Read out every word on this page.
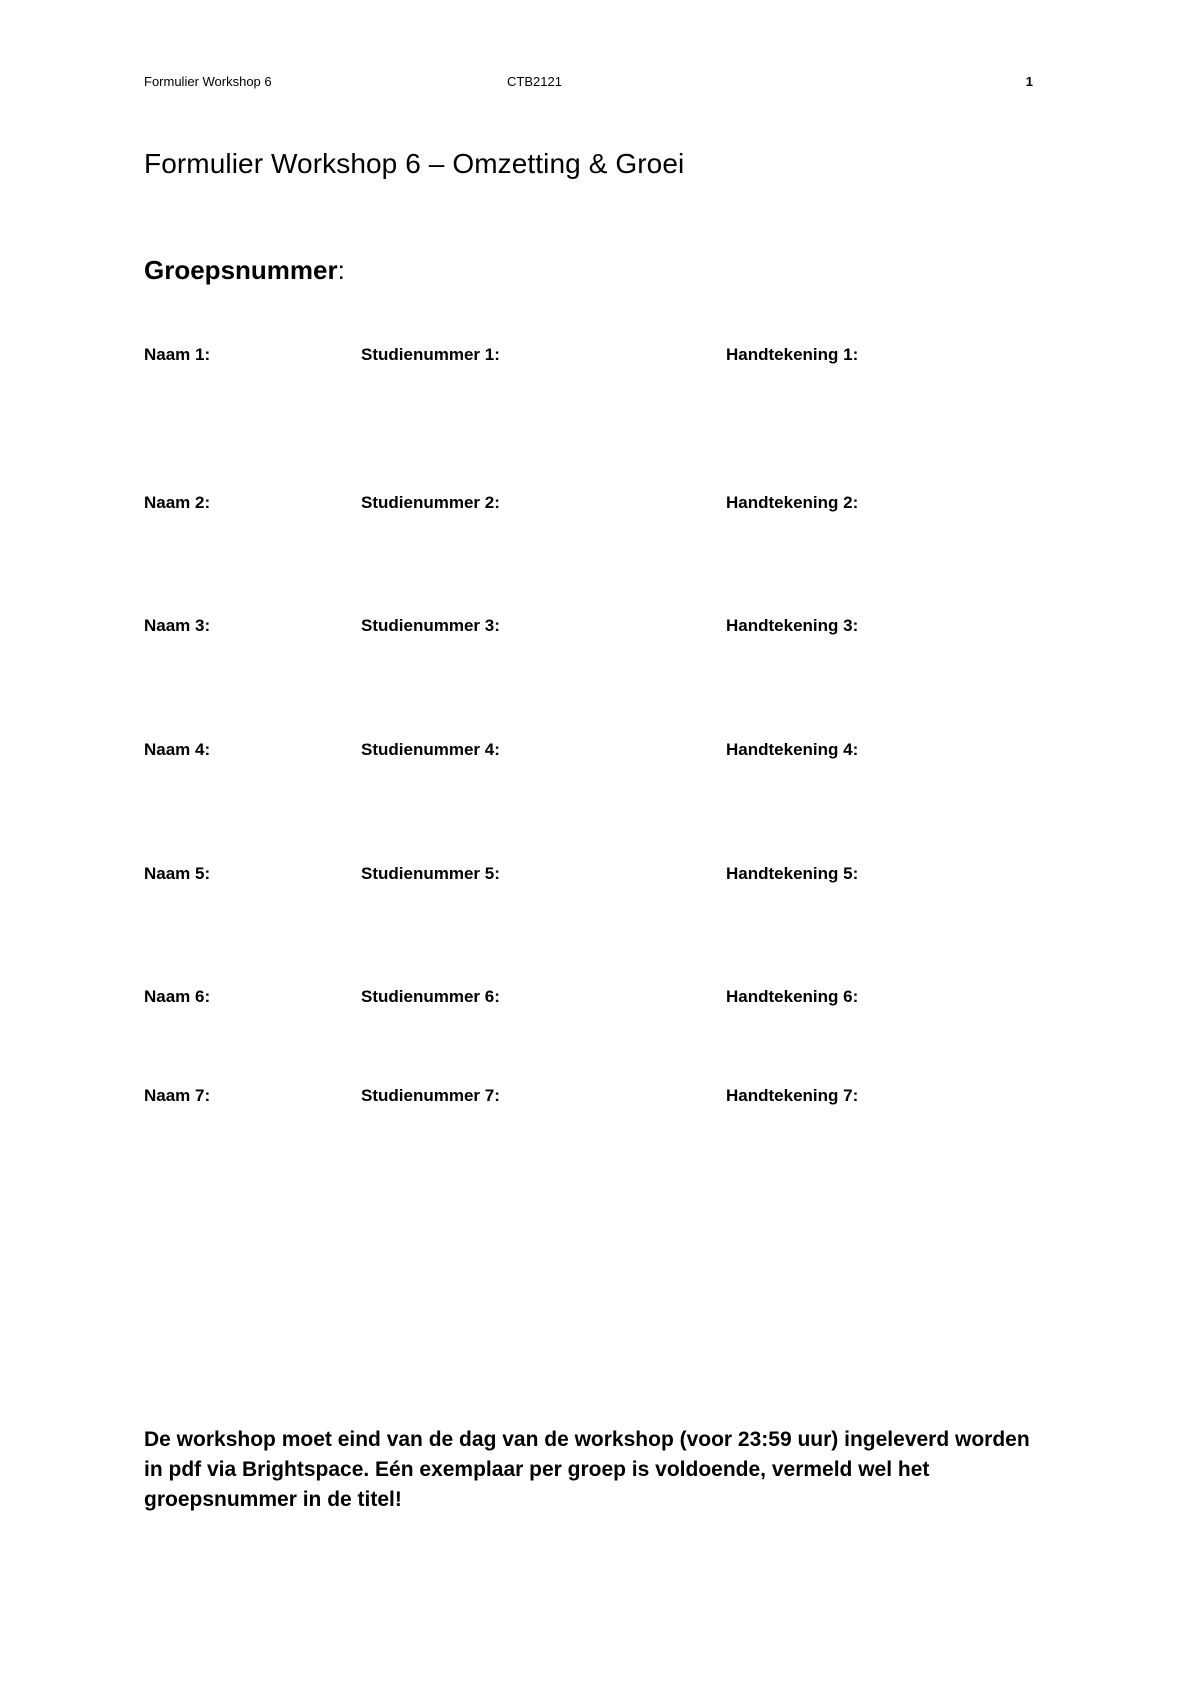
Formulier Workshop 6	CTB2121	1
Formulier Workshop 6 – Omzetting & Groei
Groepsnummer:
Naam 1:	Studienummer 1:	Handtekening 1:
Naam 2:	Studienummer 2:	Handtekening 2:
Naam 3:	Studienummer 3:	Handtekening 3:
Naam 4:	Studienummer 4:	Handtekening 4:
Naam 5:	Studienummer 5:	Handtekening 5:
Naam 6:	Studienummer 6:	Handtekening 6:
Naam 7:	Studienummer 7:	Handtekening 7:

De workshop moet eind van de dag van de workshop (voor 23:59 uur) ingeleverd worden in pdf via Brightspace. Eén exemplaar per groep is voldoende, vermeld wel het groepsnummer in de titel!
